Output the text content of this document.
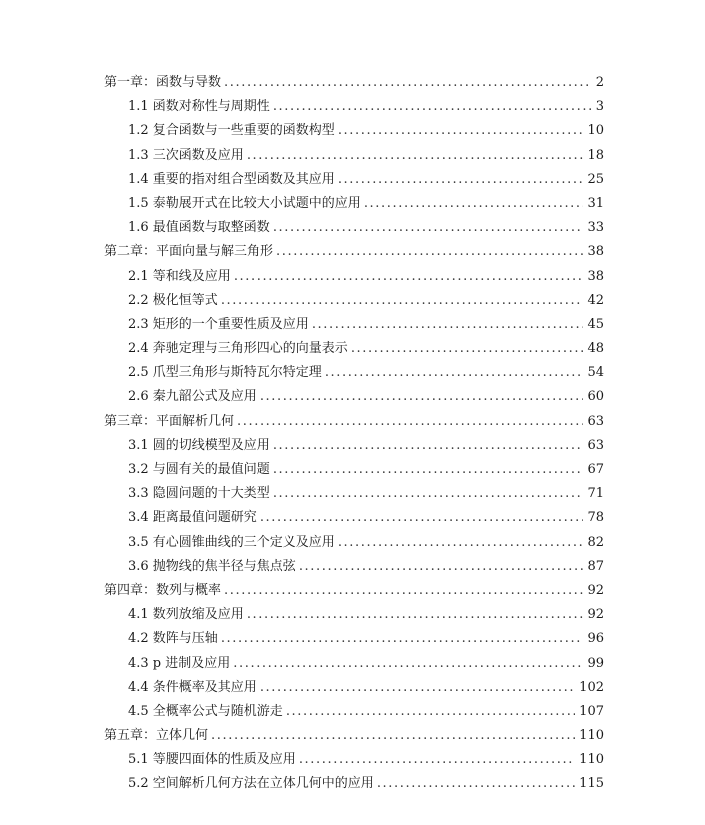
第一章：函数与导数 .....	2
1.1 函数对称性与周期性 .....	3
1.2 复合函数与一些重要的函数构型 .....	10
1.3 三次函数及应用 .....	18
1.4 重要的指对组合型函数及其应用 .....	25
1.5 泰勒展开式在比较大小试题中的应用 .....	31
1.6 最值函数与取整函数 .....	33
第二章：平面向量与解三角形 .....	38
2.1 等和线及应用 .....	38
2.2 极化恒等式 .....	42
2.3 矩形的一个重要性质及应用 .....	45
2.4 奔驰定理与三角形四心的向量表示 .....	48
2.5 爪型三角形与斯特瓦尔特定理 .....	54
2.6 秦九韶公式及应用 .....	60
第三章：平面解析几何 .....	63
3.1 圆的切线模型及应用 .....	63
3.2 与圆有关的最值问题 .....	67
3.3 隐圆问题的十大类型 .....	71
3.4 距离最值问题研究 .....	78
3.5 有心圆锥曲线的三个定义及应用 .....	82
3.6 抛物线的焦半径与焦点弦 .....	87
第四章：数列与概率 .....	92
4.1 数列放缩及应用 .....	92
4.2 数阵与压轴 .....	96
4.3 p 进制及应用 .....	99
4.4 条件概率及其应用 .....	102
4.5 全概率公式与随机游走 .....	107
第五章：立体几何 .....	110
5.1 等腰四面体的性质及应用 .....	110
5.2 空间解析几何方法在立体几何中的应用 .....	115
